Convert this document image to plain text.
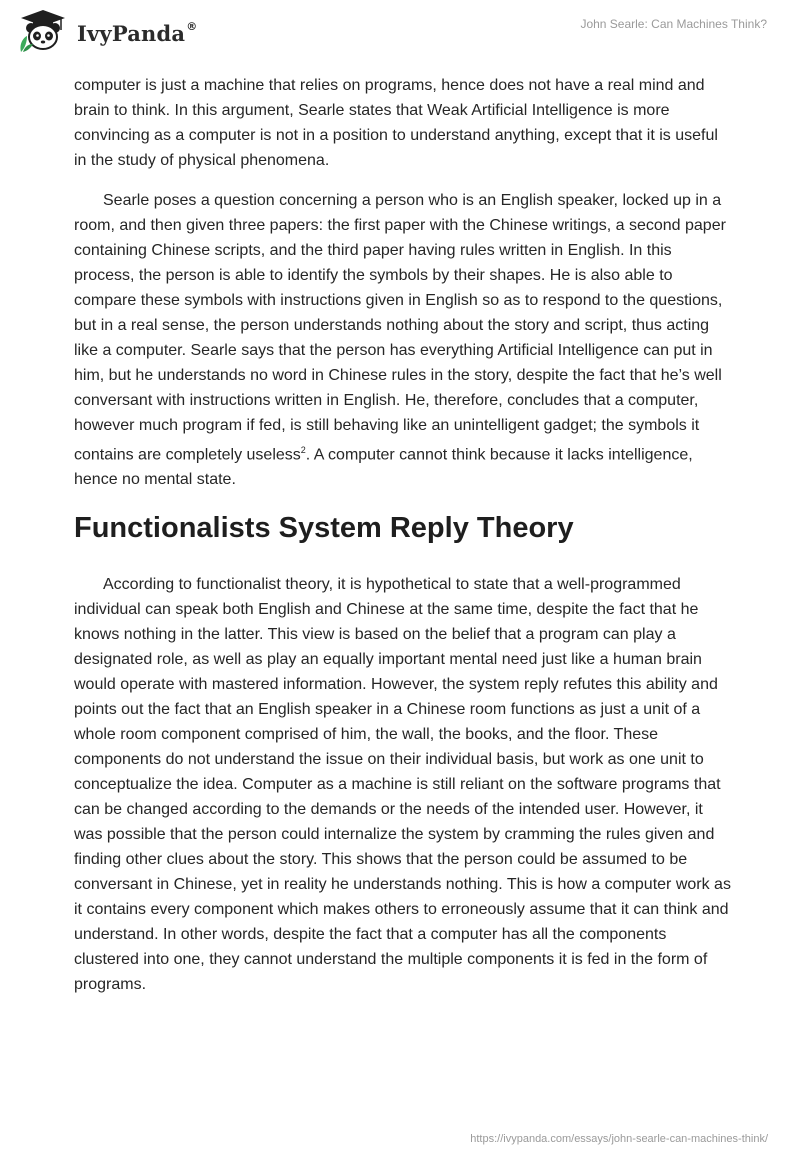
IvyPanda®	John Searle: Can Machines Think?

computer is just a machine that relies on programs, hence does not have a real mind and brain to think. In this argument, Searle states that Weak Artificial Intelligence is more convincing as a computer is not in a position to understand anything, except that it is useful in the study of physical phenomena.

Searle poses a question concerning a person who is an English speaker, locked up in a room, and then given three papers: the first paper with the Chinese writings, a second paper containing Chinese scripts, and the third paper having rules written in English. In this process, the person is able to identify the symbols by their shapes. He is also able to compare these symbols with instructions given in English so as to respond to the questions, but in a real sense, the person understands nothing about the story and script, thus acting like a computer. Searle says that the person has everything Artificial Intelligence can put in him, but he understands no word in Chinese rules in the story, despite the fact that he’s well conversant with instructions written in English. He, therefore, concludes that a computer, however much program if fed, is still behaving like an unintelligent gadget; the symbols it contains are completely useless$^2$. A computer cannot think because it lacks intelligence, hence no mental state.

Functionalists System Reply Theory

According to functionalist theory, it is hypothetical to state that a well-programmed individual can speak both English and Chinese at the same time, despite the fact that he knows nothing in the latter. This view is based on the belief that a program can play a designated role, as well as play an equally important mental need just like a human brain would operate with mastered information. However, the system reply refutes this ability and points out the fact that an English speaker in a Chinese room functions as just a unit of a whole room component comprised of him, the wall, the books, and the floor. These components do not understand the issue on their individual basis, but work as one unit to conceptualize the idea. Computer as a machine is still reliant on the software programs that can be changed according to the demands or the needs of the intended user. However, it was possible that the person could internalize the system by cramming the rules given and finding other clues about the story. This shows that the person could be assumed to be conversant in Chinese, yet in reality he understands nothing. This is how a computer work as it contains every component which makes others to erroneously assume that it can think and understand. In other words, despite the fact that a computer has all the components clustered into one, they cannot understand the multiple components it is fed in the form of programs.

https://ivypanda.com/essays/john-searle-can-machines-think/
